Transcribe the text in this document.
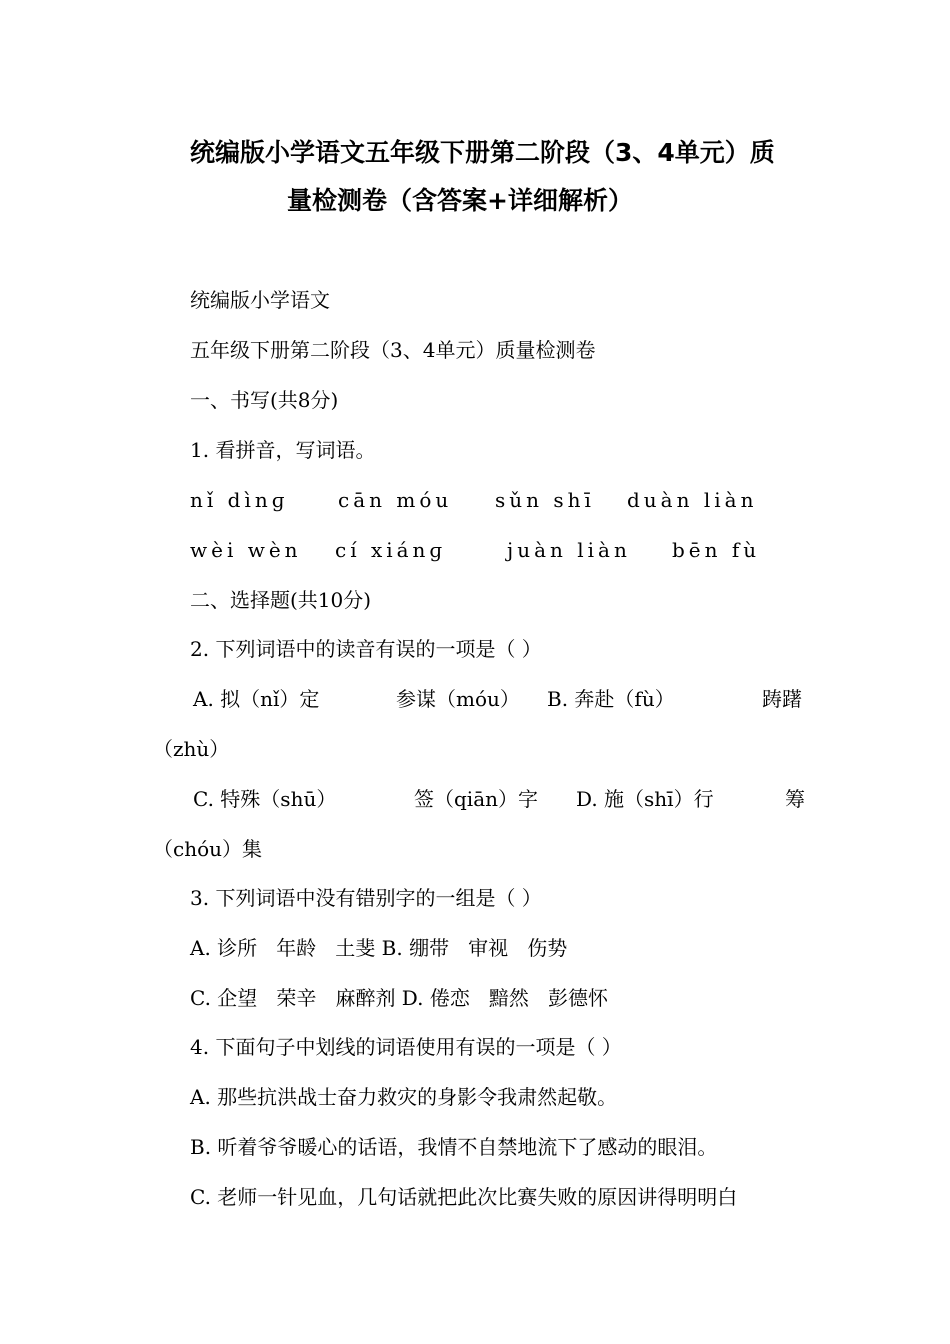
统编版小学语文五年级下册第二阶段（3、4单元）质
量检测卷（含答案+详细解析）
统编版小学语文
五年级下册第二阶段（3、4单元）质量检测卷
一、书写(共8分)
1. 看拼音，写词语。
nǐ dìnɡ cān móu sǔn shī duàn liàn
wèi wèn cí xiánɡ	juàn liàn bēn fù
二、选择题(共10分)
2. 下列词语中的读音有误的一项是（ ）
A. 拟（nǐ）定	参谋（móu） B. 奔赴（fù）	踌躇
（zhù）
C. 特殊（shū）	签（qiān）字 D. 施（shī）行	筹
（chóu）集
3. 下列词语中没有错别字的一组是（ ）
A. 诊所   年龄   土斐 B. 绷带   审视   伤势
C. 企望   荣辛   麻醉剂 D. 倦恋   黯然   彭德怀
4. 下面句子中划线的词语使用有误的一项是（ ）
A. 那些抗洪战士奋力救灾的身影令我肃然起敬。
B. 听着爷爷暖心的话语，我情不自禁地流下了感动的眼泪。
C. 老师一针见血，几句话就把此次比赛失败的原因讲得明明白
